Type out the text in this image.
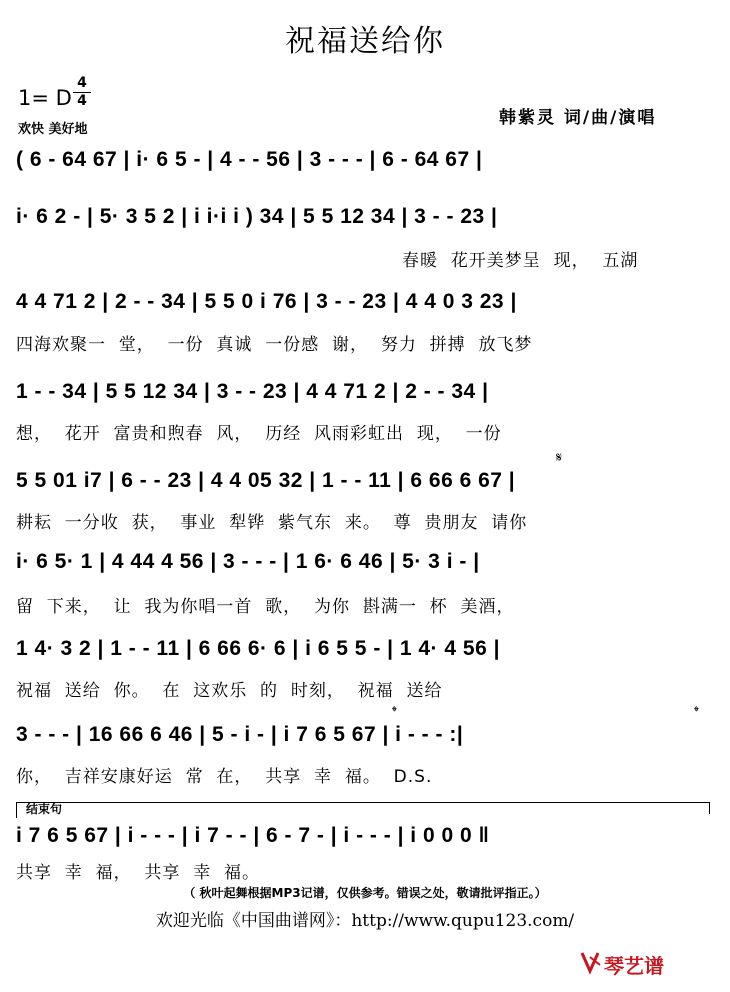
祝福送给你
1= D
4
4
欢快 美好地
韩紫灵 词/曲/演唱
( 6 - 64 67 | i· 6 5 - | 4 - - 56 | 3 - - - | 6 - 64 67 |
i· 6 2 - | 5· 3 5 2 | i i·i i ) 34 | 5 5 12 34 | 3 - - 23 |
春暖  花开美梦呈  现，  五湖
4 4 71 2 | 2 - - 34 | 5 5 0 i 76 | 3 - - 23 | 4 4 0 3 23 |
四海欢聚一  堂，  一份  真诚  一份感  谢，  努力  拼搏  放飞梦
1 - - 34 | 5 5 12 34 | 3 - - 23 | 4 4 71 2 | 2 - - 34 |
想，  花开  富贵和煦春  风，  历经  风雨彩虹出  现，  一份
𝄋
5 5 01 i7 | 6 - - 23 | 4 4 05 32 | 1 - - 11 | 6 66 6 67 |
耕耘  一分收  获，  事业  犁铧  紫气东  来。  尊  贵朋友  请你
i· 6 5· 1 | 4 44 4 56 | 3 - - - | 1 6· 6 46 | 5· 3 i - |
留  下来，  让  我为你唱一首  歌，  为你  斟满一  杯  美酒，
1 4· 3 2 | 1 - - 11 | 6 66 6· 6 | i 6 5 5 - | 1 4· 4 56 |
祝福  送给  你。  在  这欢乐  的  时刻，  祝福  送给
𝄌	𝄌
3 - - - | 16 66 6 46 | 5 - i - | i 7 6 5 67 | i - - - :|
你，  吉祥安康好运  常  在，  共享  幸  福。  D.S.
结束句
i 7 6 5 67 | i - - - | i 7 - - | 6 - 7 - | i - - - | i 0 0 0 ‖
共享  幸  福，  共享  幸  福。
（ 秋叶起舞根据MP3记谱，仅供参考。错误之处，敬请批评指正。）
欢迎光临《中国曲谱网》：http://www.qupu123.com/
琴艺谱
